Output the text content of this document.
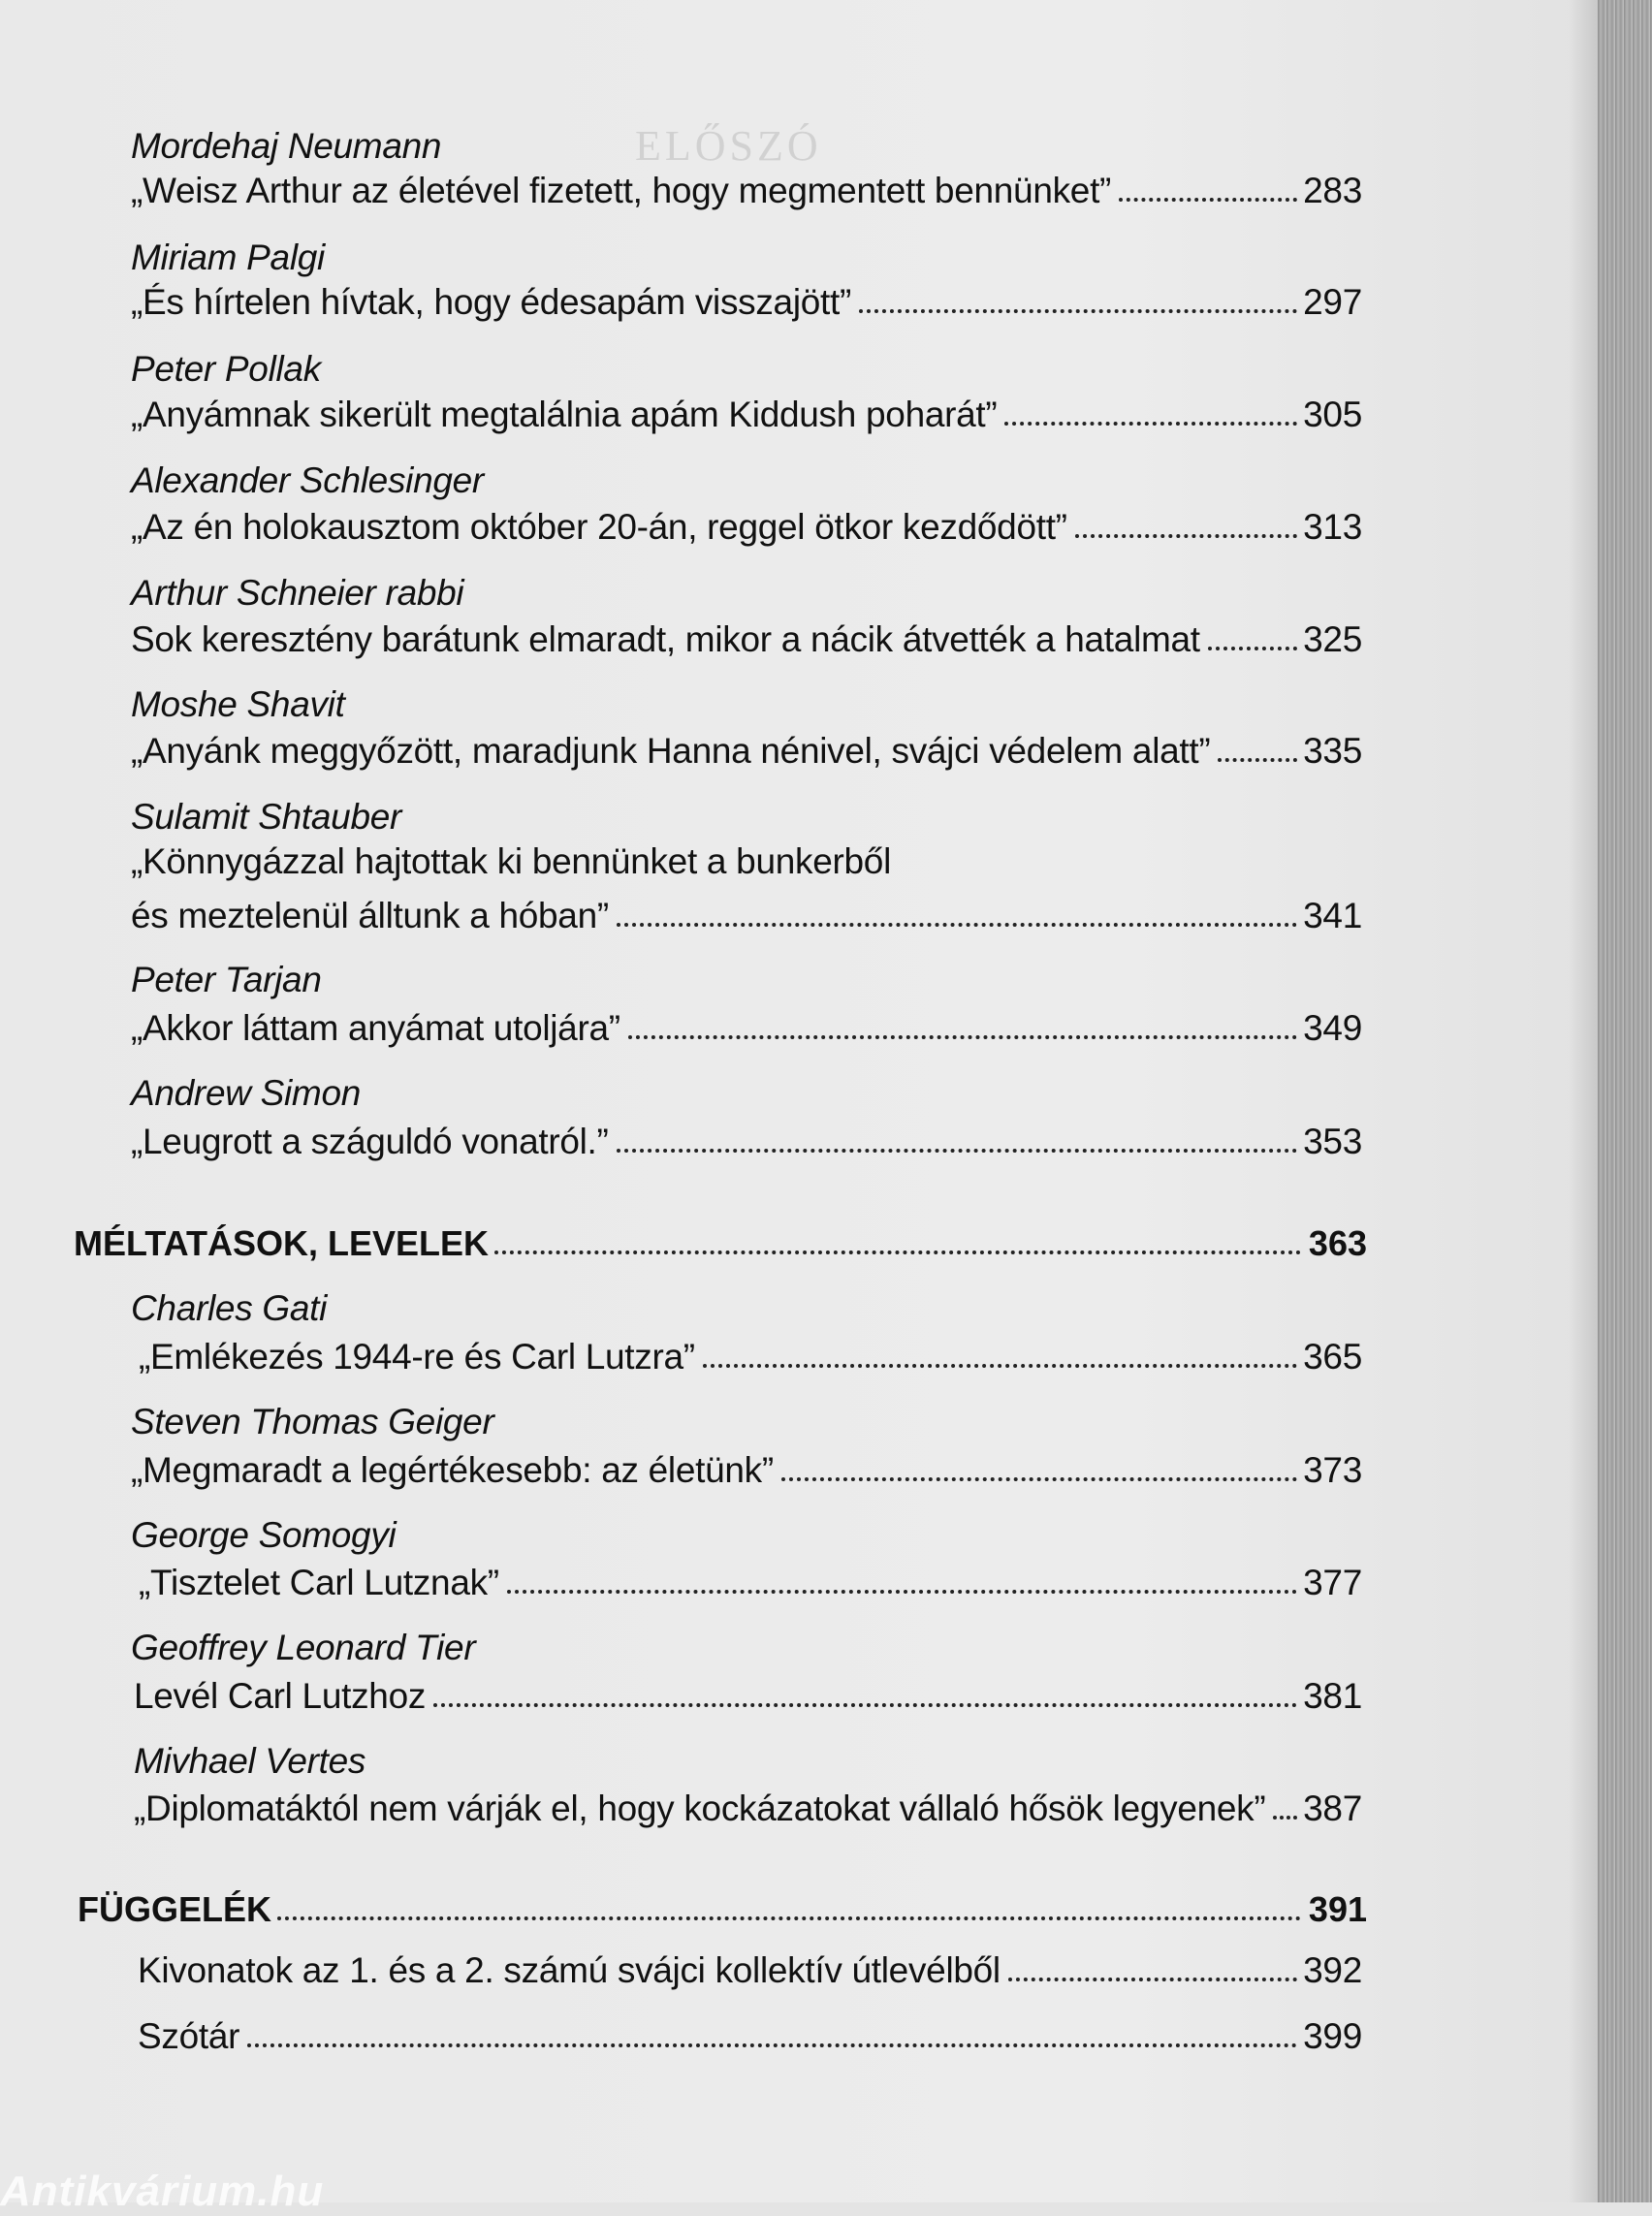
ELŐSZÓ
Mordehaj Neumann
„Weisz Arthur az életével fizetett, hogy megmentett bennünket”	283
Miriam Palgi
„És hírtelen hívtak, hogy édesapám visszajött”	297
Peter Pollak
„Anyámnak sikerült megtalálnia apám Kiddush poharát”	305
Alexander Schlesinger
„Az én holokausztom október 20-án, reggel ötkor kezdődött”	313
Arthur Schneier rabbi
Sok keresztény barátunk elmaradt, mikor a nácik átvették a hatalmat	325
Moshe Shavit
„Anyánk meggyőzött, maradjunk Hanna nénivel, svájci védelem alatt”	335
Sulamit Shtauber
„Könnygázzal hajtottak ki bennünket a bunkerből
és meztelenül álltunk a hóban”	341
Peter Tarjan
„Akkor láttam anyámat utoljára”	349
Andrew Simon
„Leugrott a száguldó vonatról.”	353
MÉLTATÁSOK, LEVELEK	363
Charles Gati
„Emlékezés 1944-re és Carl Lutzra”	365
Steven Thomas Geiger
„Megmaradt a legértékesebb: az életünk”	373
George Somogyi
„Tisztelet Carl Lutznak”	377
Geoffrey Leonard Tier
Levél Carl Lutzhoz	381
Mivhael Vertes
„Diplomatáktól nem várják el, hogy kockázatokat vállaló hősök legyenek” 387
FÜGGELÉK	391
Kivonatok az 1. és a 2. számú svájci kollektív útlevélből	392
Szótár	399
Antikvárium.hu
